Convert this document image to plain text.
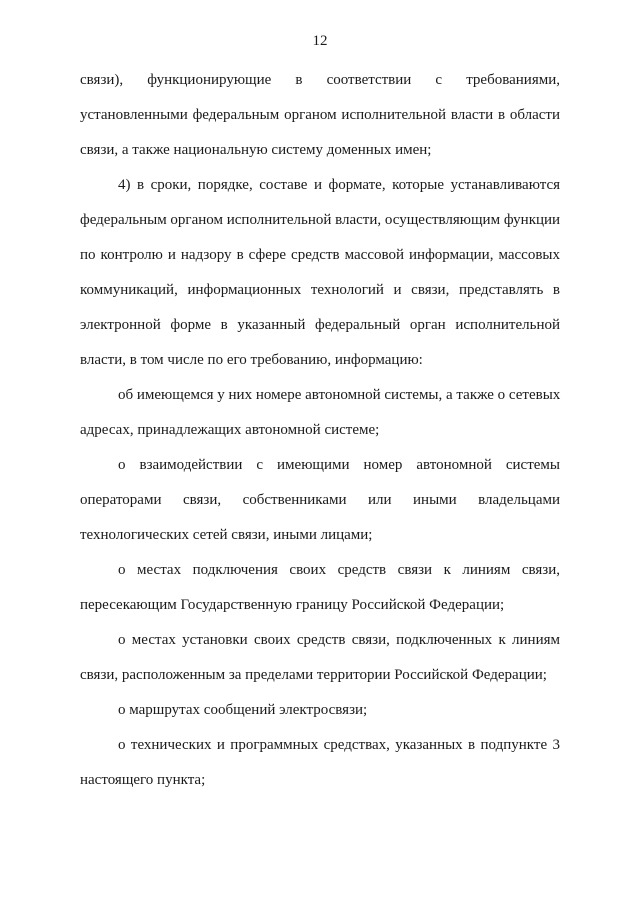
12
связи), функционирующие в соответствии с требованиями,
установленными федеральным органом исполнительной власти в области
связи, а также национальную систему доменных имен;
4) в сроки, порядке, составе и формате, которые устанавливаются
федеральным органом исполнительной власти, осуществляющим функции
по контролю и надзору в сфере средств массовой информации, массовых
коммуникаций, информационных технологий и связи, представлять в
электронной форме в указанный федеральный орган исполнительной
власти, в том числе по его требованию, информацию:
об имеющемся у них номере автономной системы, а также о сетевых
адресах, принадлежащих автономной системе;
о взаимодействии с имеющими номер автономной системы
операторами связи, собственниками или иными владельцами
технологических сетей связи, иными лицами;
о местах подключения своих средств связи к линиям связи,
пересекающим Государственную границу Российской Федерации;
о местах установки своих средств связи, подключенных к линиям
связи, расположенным за пределами территории Российской Федерации;
о маршрутах сообщений электросвязи;
о технических и программных средствах, указанных в подпункте 3
настоящего пункта;
